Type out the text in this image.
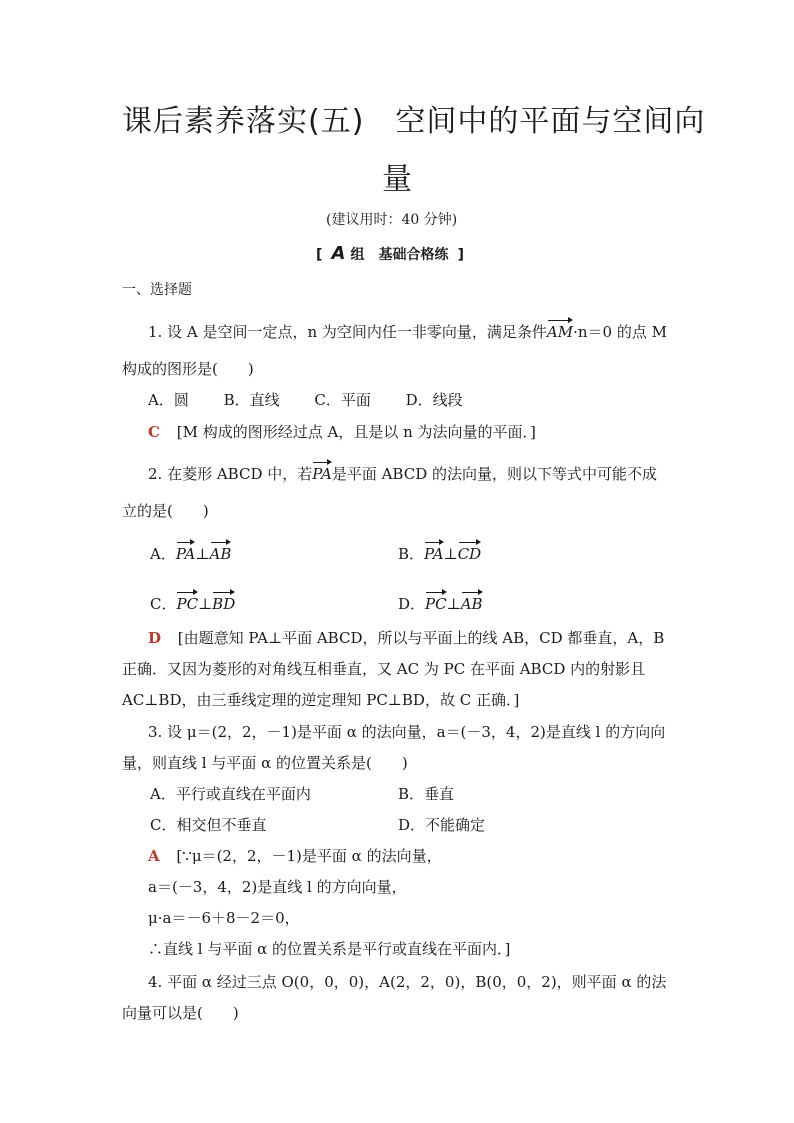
课后素养落实(五)　空间中的平面与空间向
量
(建议用时：40 分钟)
[ A 组　基础合格练 ]
一、选择题
1. 设 A 是空间一定点，n 为空间内任一非零向量，满足条件AM·n＝0 的点 M
构成的图形是(　　)
A．圆　　 B．直线　　 C．平面　　 D．线段
C [M 构成的图形经过点 A，且是以 n 为法向量的平面．]
2. 在菱形 ABCD 中，若PA是平面 ABCD 的法向量，则以下等式中可能不成
立的是(　　)
A．PA⊥AB	B．PA⊥CD
C．PC⊥BD	D．PC⊥AB
D [由题意知 PA⊥平面 ABCD，所以与平面上的线 AB，CD 都垂直，A，B
正确．又因为菱形的对角线互相垂直，又 AC 为 PC 在平面 ABCD 内的射影且
AC⊥BD，由三垂线定理的逆定理知 PC⊥BD，故 C 正确．]
3. 设 μ＝(2，2，－1)是平面 α 的法向量，a＝(－3，4，2)是直线 l 的方向向
量，则直线 l 与平面 α 的位置关系是(　　)
A．平行或直线在平面内	B．垂直
C．相交但不垂直	D．不能确定
A [∵μ＝(2，2，－1)是平面 α 的法向量，
a＝(－3，4，2)是直线 l 的方向向量，
μ·a＝－6＋8－2＝0，
∴直线 l 与平面 α 的位置关系是平行或直线在平面内．]
4. 平面 α 经过三点 O(0，0，0)，A(2，2，0)，B(0，0，2)，则平面 α 的法
向量可以是(　　)
